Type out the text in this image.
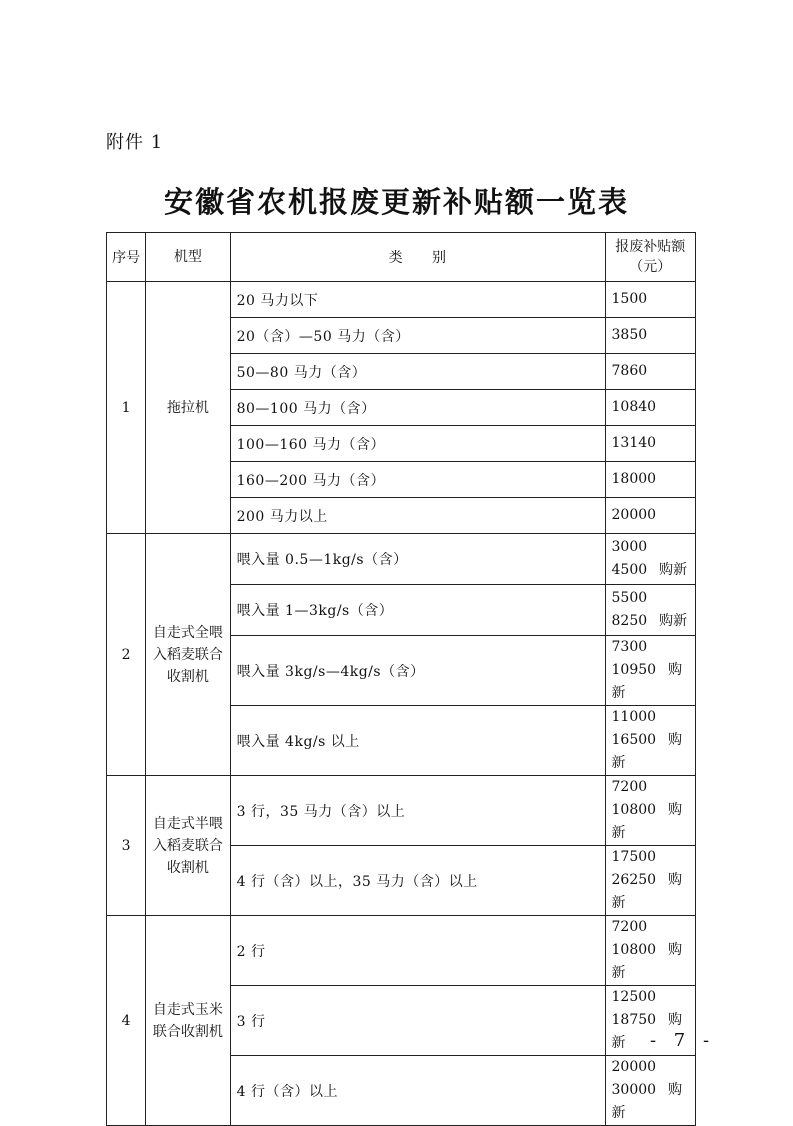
附件 1
安徽省农机报废更新补贴额一览表
序号	机型	类　　别	报废补贴额
（元）
1	拖拉机	20 马力以下	1500
		20（含）—50 马力（含）	3850
		50—80 马力（含）	7860
		80—100 马力（含）	10840
		100—160 马力（含）	13140
		160—200 马力（含）	18000
		200 马力以上	20000
2	自走式全喂入稻麦联合收割机	喂入量 0.5—1kg/s（含）	3000
4500 购新
		喂入量 1—3kg/s（含）	5500
8250 购新
		喂入量 3kg/s—4kg/s（含）	7300
10950 购新
		喂入量 4kg/s 以上	11000
16500 购新
3	自走式半喂入稻麦联合收割机	3 行，35 马力（含）以上	7200
10800 购新
		4 行（含）以上，35 马力（含）以上	17500
26250 购新
4	自走式玉米联合收割机	2 行	7200
10800 购新
		3 行	12500
18750 购新
		4 行（含）以上	20000
30000 购新
- 7 -
